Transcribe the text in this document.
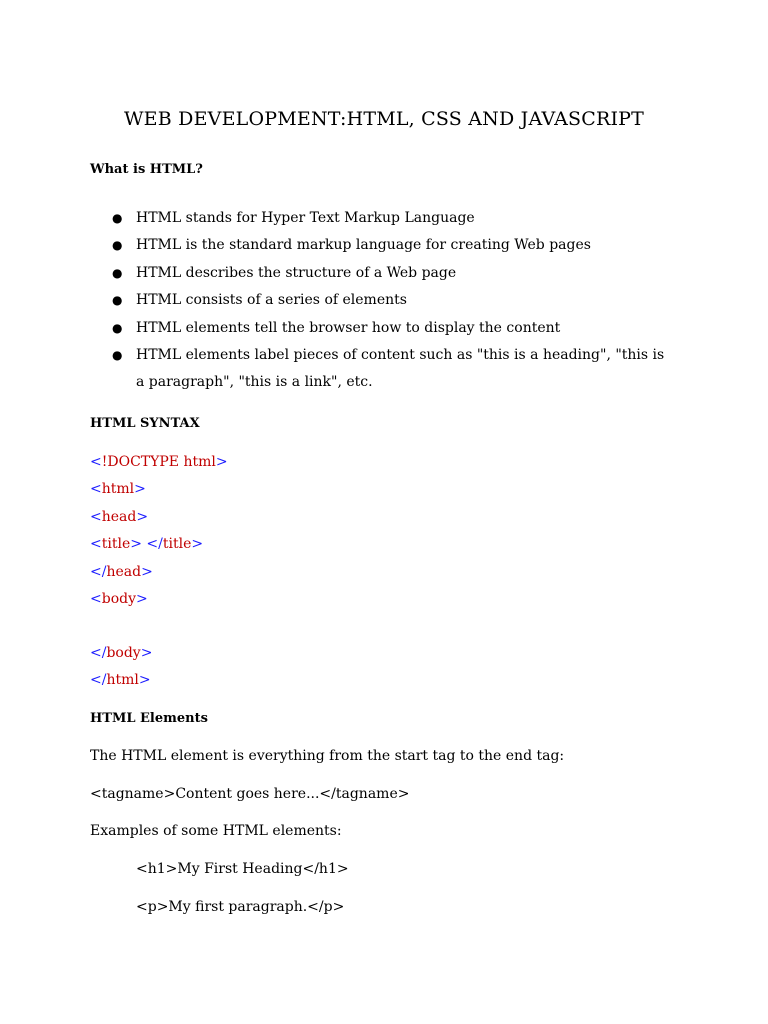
WEB DEVELOPMENT:HTML, CSS AND JAVASCRIPT
What is HTML?
● HTML stands for Hyper Text Markup Language
● HTML is the standard markup language for creating Web pages
● HTML describes the structure of a Web page
● HTML consists of a series of elements
● HTML elements tell the browser how to display the content
● HTML elements label pieces of content such as "this is a heading", "this is a paragraph", "this is a link", etc.
HTML SYNTAX
<!DOCTYPE html>
<html>
<head>
<title> </title>
</head>
<body>
</body>
</html>
HTML Elements
The HTML element is everything from the start tag to the end tag:
<tagname>Content goes here...</tagname>
Examples of some HTML elements:
<h1>My First Heading</h1>
<p>My first paragraph.</p>
